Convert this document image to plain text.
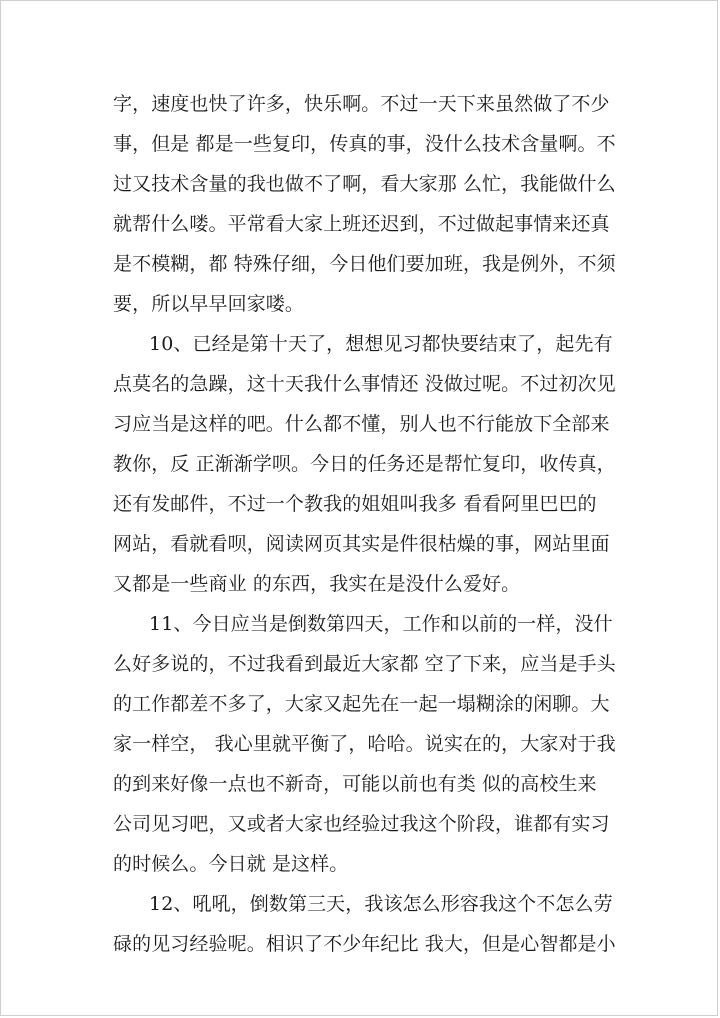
字，速度也快了许多，快乐啊。不过一天下来虽然做了不少
事，但是 都是一些复印，传真的事，没什么技术含量啊。不
过又技术含量的我也做不了啊，看大家那 么忙，我能做什么
就帮什么喽。平常看大家上班还迟到，不过做起事情来还真
是不模糊，都 特殊仔细，今日他们要加班，我是例外，不须
要，所以早早回家喽。
10、已经是第十天了，想想见习都快要结束了，起先有
点莫名的急躁，这十天我什么事情还 没做过呢。不过初次见
习应当是这样的吧。什么都不懂，别人也不行能放下全部来
教你，反 正渐渐学呗。今日的任务还是帮忙复印，收传真，
还有发邮件，不过一个教我的姐姐叫我多 看看阿里巴巴的
网站，看就看呗，阅读网页其实是件很枯燥的事，网站里面
又都是一些商业 的东西，我实在是没什么爱好。
11、今日应当是倒数第四天，工作和以前的一样，没什
么好多说的，不过我看到最近大家都 空了下来，应当是手头
的工作都差不多了，大家又起先在一起一塌糊涂的闲聊。大
家一样空， 我心里就平衡了，哈哈。说实在的，大家对于我
的到来好像一点也不新奇，可能以前也有类 似的高校生来
公司见习吧，又或者大家也经验过我这个阶段，谁都有实习
的时候么。今日就 是这样。
12、吼吼，倒数第三天，我该怎么形容我这个不怎么劳
碌的见习经验呢。相识了不少年纪比 我大，但是心智都是小
